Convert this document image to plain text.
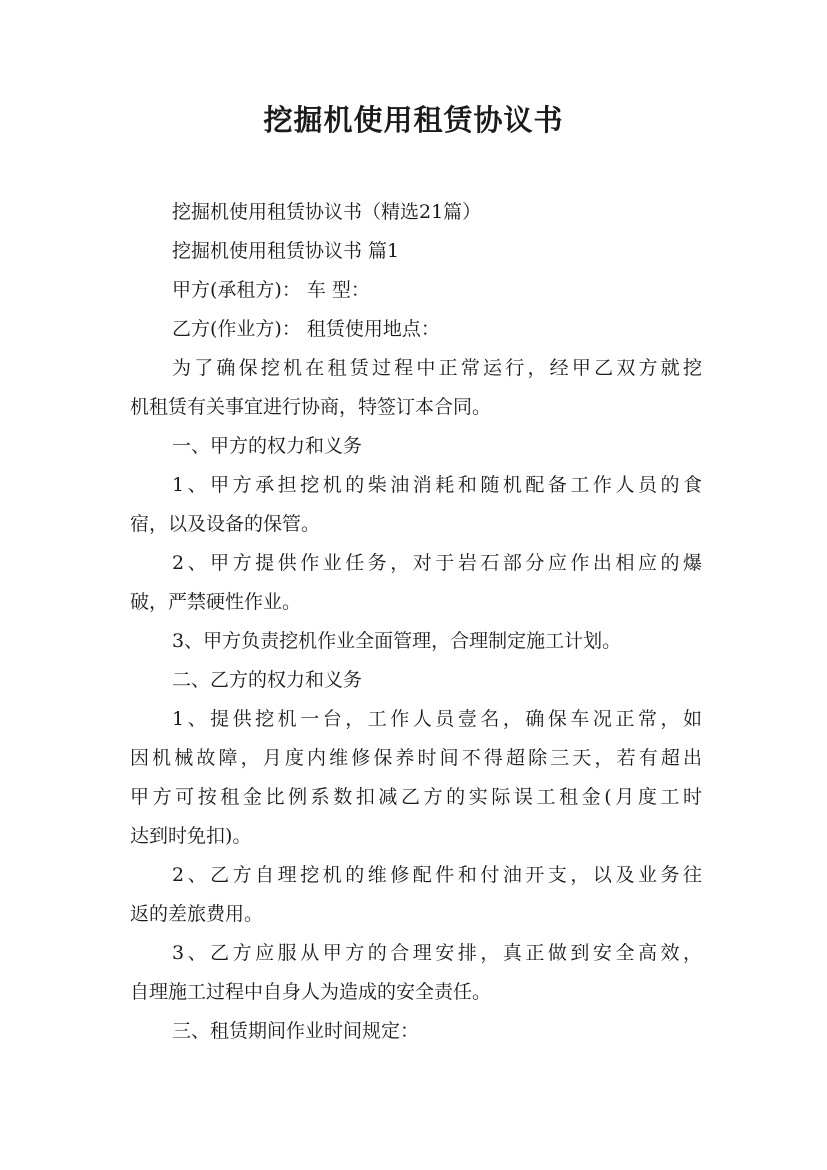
挖掘机使用租赁协议书
挖掘机使用租赁协议书（精选21篇）
挖掘机使用租赁协议书 篇1
甲方(承租方)： 车 型：
乙方(作业方)： 租赁使用地点：
为了确保挖机在租赁过程中正常运行，经甲乙双方就挖
机租赁有关事宜进行协商，特签订本合同。
一、甲方的权力和义务
1、甲方承担挖机的柴油消耗和随机配备工作人员的食
宿，以及设备的保管。
2、甲方提供作业任务，对于岩石部分应作出相应的爆
破，严禁硬性作业。
3、甲方负责挖机作业全面管理，合理制定施工计划。
二、乙方的权力和义务
1、提供挖机一台，工作人员壹名，确保车况正常，如
因机械故障，月度内维修保养时间不得超除三天，若有超出
甲方可按租金比例系数扣减乙方的实际误工租金(月度工时
达到时免扣)。
2、乙方自理挖机的维修配件和付油开支，以及业务往
返的差旅费用。
3、乙方应服从甲方的合理安排，真正做到安全高效，
自理施工过程中自身人为造成的安全责任。
三、租赁期间作业时间规定：
